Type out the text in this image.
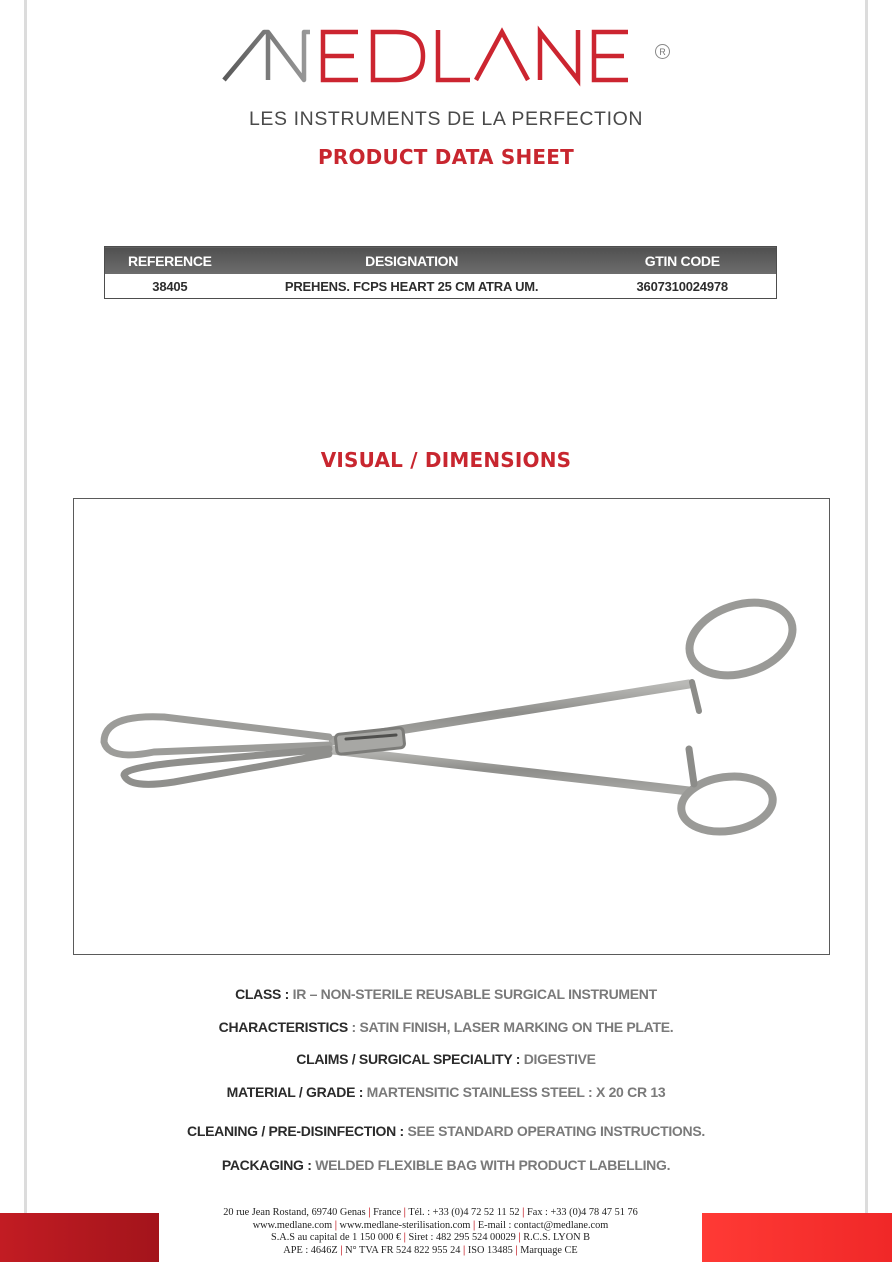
R
LES INSTRUMENTS DE LA PERFECTION
PRODUCT DATA SHEET
REFERENCE	DESIGNATION	GTIN CODE
38405	PREHENS. FCPS HEART 25 CM ATRA UM.	3607310024978
VISUAL / DIMENSIONS
CLASS : IR – NON-STERILE REUSABLE SURGICAL INSTRUMENT
CHARACTERISTICS : SATIN FINISH, LASER MARKING ON THE PLATE.
CLAIMS / SURGICAL SPECIALITY : DIGESTIVE
MATERIAL / GRADE : MARTENSITIC STAINLESS STEEL : X 20 CR 13
CLEANING / PRE-DISINFECTION : SEE STANDARD OPERATING INSTRUCTIONS.
PACKAGING : WELDED FLEXIBLE BAG WITH PRODUCT LABELLING.
20 rue Jean Rostand, 69740 Genas | France | Tél. : +33 (0)4 72 52 11 52 | Fax : +33 (0)4 78 47 51 76
www.medlane.com | www.medlane-sterilisation.com | E-mail : contact@medlane.com
S.A.S au capital de 1 150 000 € | Siret : 482 295 524 00029 | R.C.S. LYON B
APE : 4646Z | N° TVA FR 524 822 955 24 | ISO 13485 | Marquage CE
